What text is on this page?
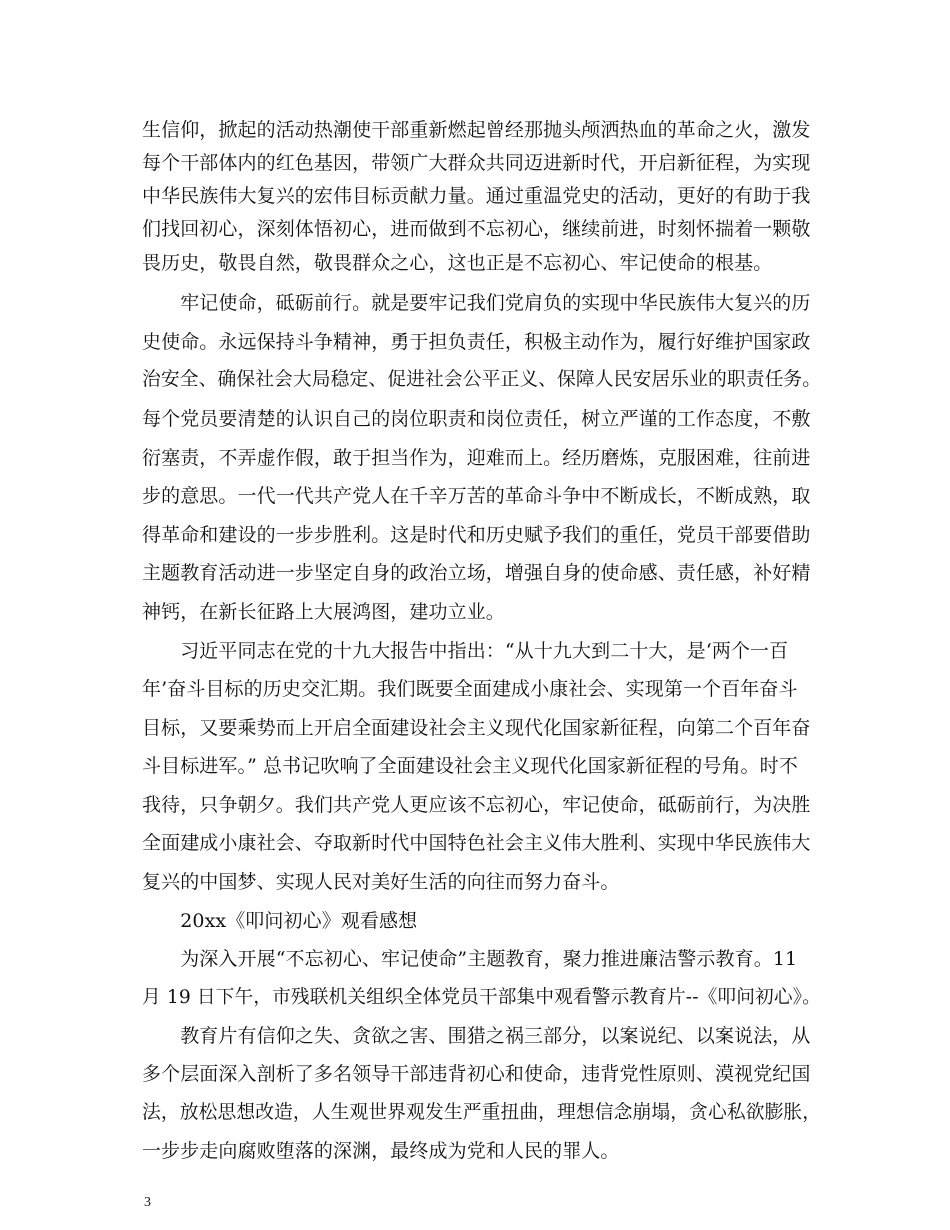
生信仰，掀起的活动热潮使干部重新燃起曾经那抛头颅洒热血的革命之火，激发
每个干部体内的红色基因，带领广大群众共同迈进新时代，开启新征程，为实现
中华民族伟大复兴的宏伟目标贡献力量。通过重温党史的活动，更好的有助于我
们找回初心，深刻体悟初心，进而做到不忘初心，继续前进，时刻怀揣着一颗敬
畏历史，敬畏自然，敬畏群众之心，这也正是不忘初心、牢记使命的根基。
　　牢记使命，砥砺前行。就是要牢记我们党肩负的实现中华民族伟大复兴的历
史使命。永远保持斗争精神，勇于担负责任，积极主动作为，履行好维护国家政
治安全、确保社会大局稳定、促进社会公平正义、保障人民安居乐业的职责任务。
每个党员要清楚的认识自己的岗位职责和岗位责任，树立严谨的工作态度，不敷
衍塞责，不弄虚作假，敢于担当作为，迎难而上。经历磨炼，克服困难，往前进
步的意思。一代一代共产党人在千辛万苦的革命斗争中不断成长，不断成熟，取
得革命和建设的一步步胜利。这是时代和历史赋予我们的重任，党员干部要借助
主题教育活动进一步坚定自身的政治立场，增强自身的使命感、责任感，补好精
神钙，在新长征路上大展鸿图，建功立业。
　　习近平同志在党的十九大报告中指出：“从十九大到二十大，是‘两个一百
年’奋斗目标的历史交汇期。我们既要全面建成小康社会、实现第一个百年奋斗
目标，又要乘势而上开启全面建设社会主义现代化国家新征程，向第二个百年奋
斗目标进军。” 总书记吹响了全面建设社会主义现代化国家新征程的号角。时不
我待，只争朝夕。我们共产党人更应该不忘初心，牢记使命，砥砺前行，为决胜
全面建成小康社会、夺取新时代中国特色社会主义伟大胜利、实现中华民族伟大
复兴的中国梦、实现人民对美好生活的向往而努力奋斗。
　　20xx《叩问初心》观看感想
　　为深入开展“不忘初心、牢记使命”主题教育，聚力推进廉洁警示教育。11
月 19 日下午，市残联机关组织全体党员干部集中观看警示教育片--《叩问初心》。
　　教育片有信仰之失、贪欲之害、围猎之祸三部分，以案说纪、以案说法，从
多个层面深入剖析了多名领导干部违背初心和使命，违背党性原则、漠视党纪国
法，放松思想改造，人生观世界观发生严重扭曲，理想信念崩塌，贪心私欲膨胀，
一步步走向腐败堕落的深渊，最终成为党和人民的罪人。
3
